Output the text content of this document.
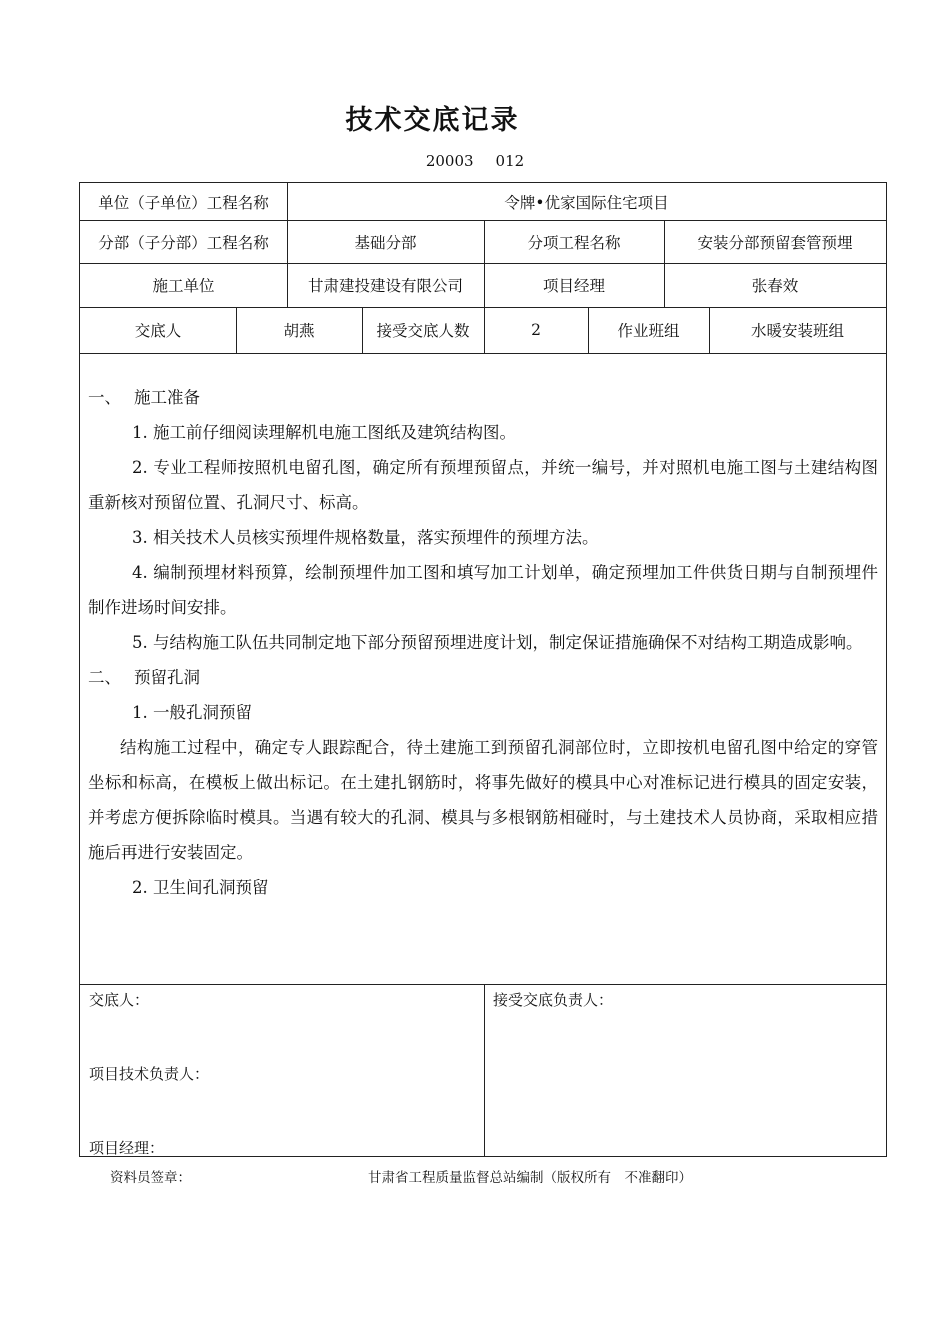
技术交底记录
20003 012
单位（子单位）工程名称	令牌•优家国际住宅项目
分部（子分部）工程名称	基础分部	分项工程名称	安装分部预留套管预埋
施工单位	甘肃建投建设有限公司	项目经理	张春效
交底人	胡燕	接受交底人数	2	作业班组	水暖安装班组

一、 施工准备

1. 施工前仔细阅读理解机电施工图纸及建筑结构图。

2. 专业工程师按照机电留孔图，确定所有预埋预留点，并统一编号，并对照机电施工图与土建结构图重新核对预留位置、孔洞尺寸、标高。

3. 相关技术人员核实预埋件规格数量，落实预埋件的预埋方法。

4. 编制预埋材料预算，绘制预埋件加工图和填写加工计划单，确定预埋加工件供货日期与自制预埋件制作进场时间安排。

5. 与结构施工队伍共同制定地下部分预留预埋进度计划，制定保证措施确保不对结构工期造成影响。

二、 预留孔洞

1. 一般孔洞预留

结构施工过程中，确定专人跟踪配合，待土建施工到预留孔洞部位时，立即按机电留孔图中给定的穿管坐标和标高，在模板上做出标记。在土建扎钢筋时，将事先做好的模具中心对准标记进行模具的固定安装，并考虑方便拆除临时模具。当遇有较大的孔洞、模具与多根钢筋相碰时，与土建技术人员协商，采取相应措施后再进行安装固定。

2. 卫生间孔洞预留

交底人：
项目技术负责人：
项目经理：
接受交底负责人：
资料员签章：	甘肃省工程质量监督总站编制（版权所有　不准翻印）
